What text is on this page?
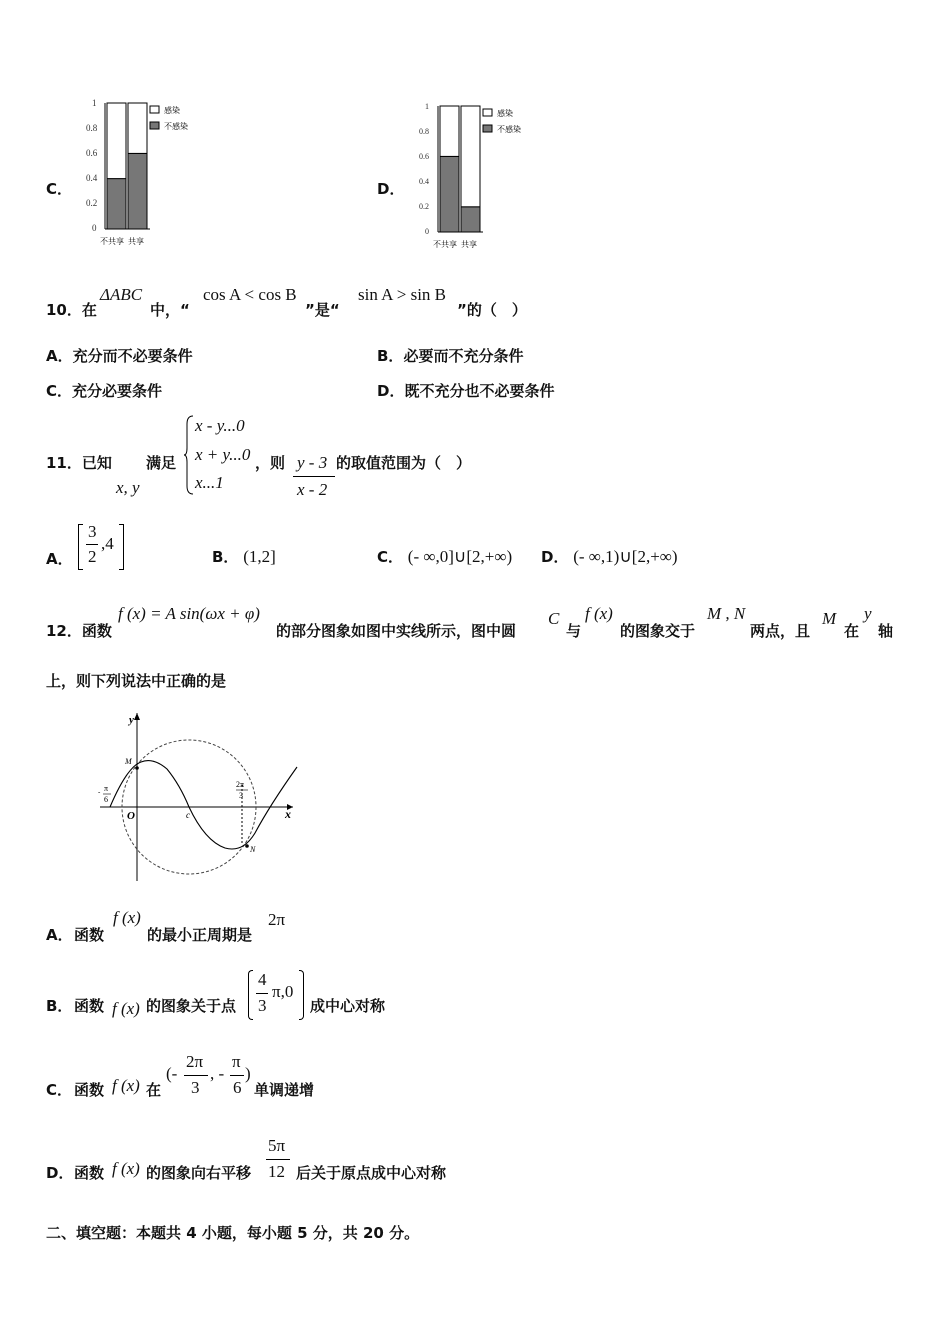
C．
1
0.8
0.6
0.4
0.2
0
感染
不感染
不共享 共享
D．
1
0.8
0.6
0.4
0.2
0
感染
不感染
不共享 共享
10．在
ΔABC
中，“
cos A < cos B
”是“
sin A > sin B
”的（　）
A．充分而不必要条件	B．必要而不充分条件
C．充分必要条件	D．既不充分也不必要条件
11．已知
x, y
满足
x - y...0
x + y...0
x...1
，则 y - 3
x - 2
的取值范围为（　）
A．
3
2
,4
B． (1,2]	C． (- ∞,0]∪[2,+∞) D． (- ∞,1)∪[2,+∞)
12．函数
f (x) = A sin(ωx + φ)
的部分图象如图中实线所示，图中圆
C
与
f (x)
的图象交于
M , N
两点，且
M
在
y
轴
上，则下列说法中正确的是
y
x
O
M
N
c
- π
6
2π
3
A． 函数
f (x)
的最小正周期是
2π
B． 函数 f (x) 的图象关于点
4
3
π,0
成中心对称
C． 函数 f (x) 在
(-
2π
3
, -
π
6
)
单调递增
D． 函数 f (x) 的图象向右平移
5π
12 后关于原点成中心对称
二、填空题：本题共 4 小题，每小题 5 分，共 20 分。
